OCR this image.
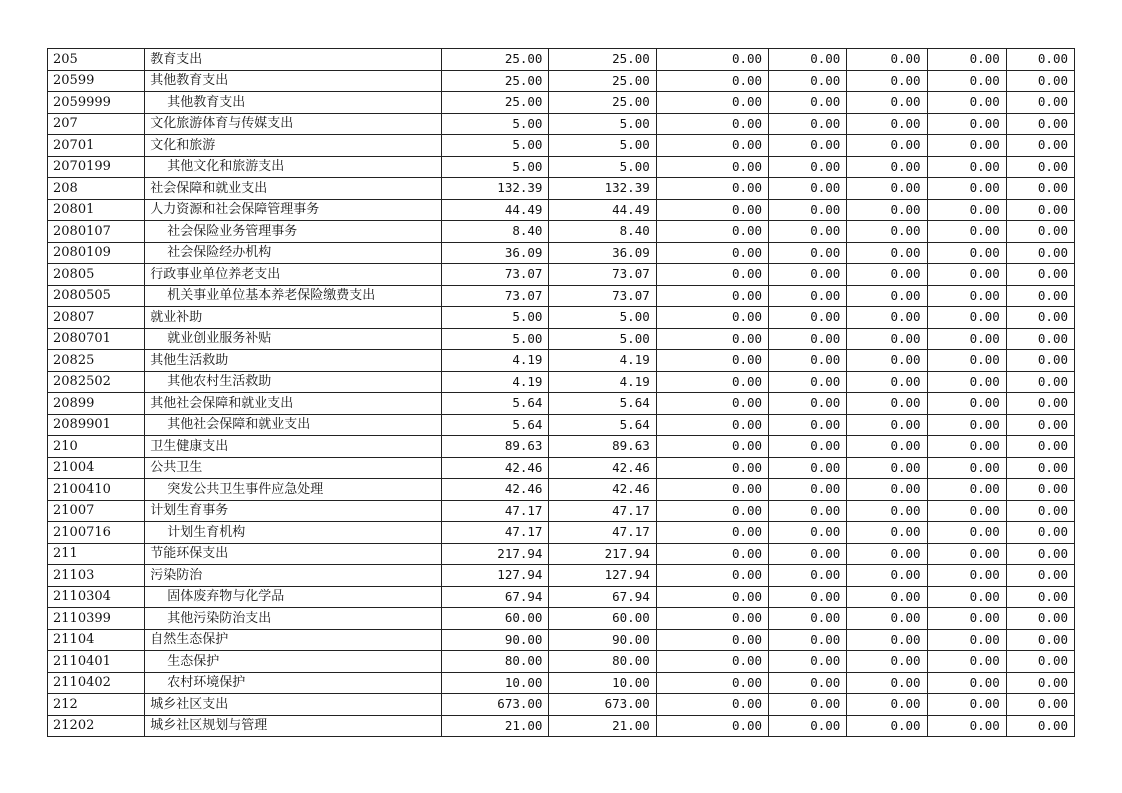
205	教育支出	25.00	25.00	0.00	0.00	0.00	0.00	0.00
20599	其他教育支出	25.00	25.00	0.00	0.00	0.00	0.00	0.00
2059999	其他教育支出	25.00	25.00	0.00	0.00	0.00	0.00	0.00
207	文化旅游体育与传媒支出	5.00	5.00	0.00	0.00	0.00	0.00	0.00
20701	文化和旅游	5.00	5.00	0.00	0.00	0.00	0.00	0.00
2070199	其他文化和旅游支出	5.00	5.00	0.00	0.00	0.00	0.00	0.00
208	社会保障和就业支出	132.39	132.39	0.00	0.00	0.00	0.00	0.00
20801	人力资源和社会保障管理事务	44.49	44.49	0.00	0.00	0.00	0.00	0.00
2080107	社会保险业务管理事务	8.40	8.40	0.00	0.00	0.00	0.00	0.00
2080109	社会保险经办机构	36.09	36.09	0.00	0.00	0.00	0.00	0.00
20805	行政事业单位养老支出	73.07	73.07	0.00	0.00	0.00	0.00	0.00
2080505	机关事业单位基本养老保险缴费支出	73.07	73.07	0.00	0.00	0.00	0.00	0.00
20807	就业补助	5.00	5.00	0.00	0.00	0.00	0.00	0.00
2080701	就业创业服务补贴	5.00	5.00	0.00	0.00	0.00	0.00	0.00
20825	其他生活救助	4.19	4.19	0.00	0.00	0.00	0.00	0.00
2082502	其他农村生活救助	4.19	4.19	0.00	0.00	0.00	0.00	0.00
20899	其他社会保障和就业支出	5.64	5.64	0.00	0.00	0.00	0.00	0.00
2089901	其他社会保障和就业支出	5.64	5.64	0.00	0.00	0.00	0.00	0.00
210	卫生健康支出	89.63	89.63	0.00	0.00	0.00	0.00	0.00
21004	公共卫生	42.46	42.46	0.00	0.00	0.00	0.00	0.00
2100410	突发公共卫生事件应急处理	42.46	42.46	0.00	0.00	0.00	0.00	0.00
21007	计划生育事务	47.17	47.17	0.00	0.00	0.00	0.00	0.00
2100716	计划生育机构	47.17	47.17	0.00	0.00	0.00	0.00	0.00
211	节能环保支出	217.94	217.94	0.00	0.00	0.00	0.00	0.00
21103	污染防治	127.94	127.94	0.00	0.00	0.00	0.00	0.00
2110304	固体废弃物与化学品	67.94	67.94	0.00	0.00	0.00	0.00	0.00
2110399	其他污染防治支出	60.00	60.00	0.00	0.00	0.00	0.00	0.00
21104	自然生态保护	90.00	90.00	0.00	0.00	0.00	0.00	0.00
2110401	生态保护	80.00	80.00	0.00	0.00	0.00	0.00	0.00
2110402	农村环境保护	10.00	10.00	0.00	0.00	0.00	0.00	0.00
212	城乡社区支出	673.00	673.00	0.00	0.00	0.00	0.00	0.00
21202	城乡社区规划与管理	21.00	21.00	0.00	0.00	0.00	0.00	0.00
